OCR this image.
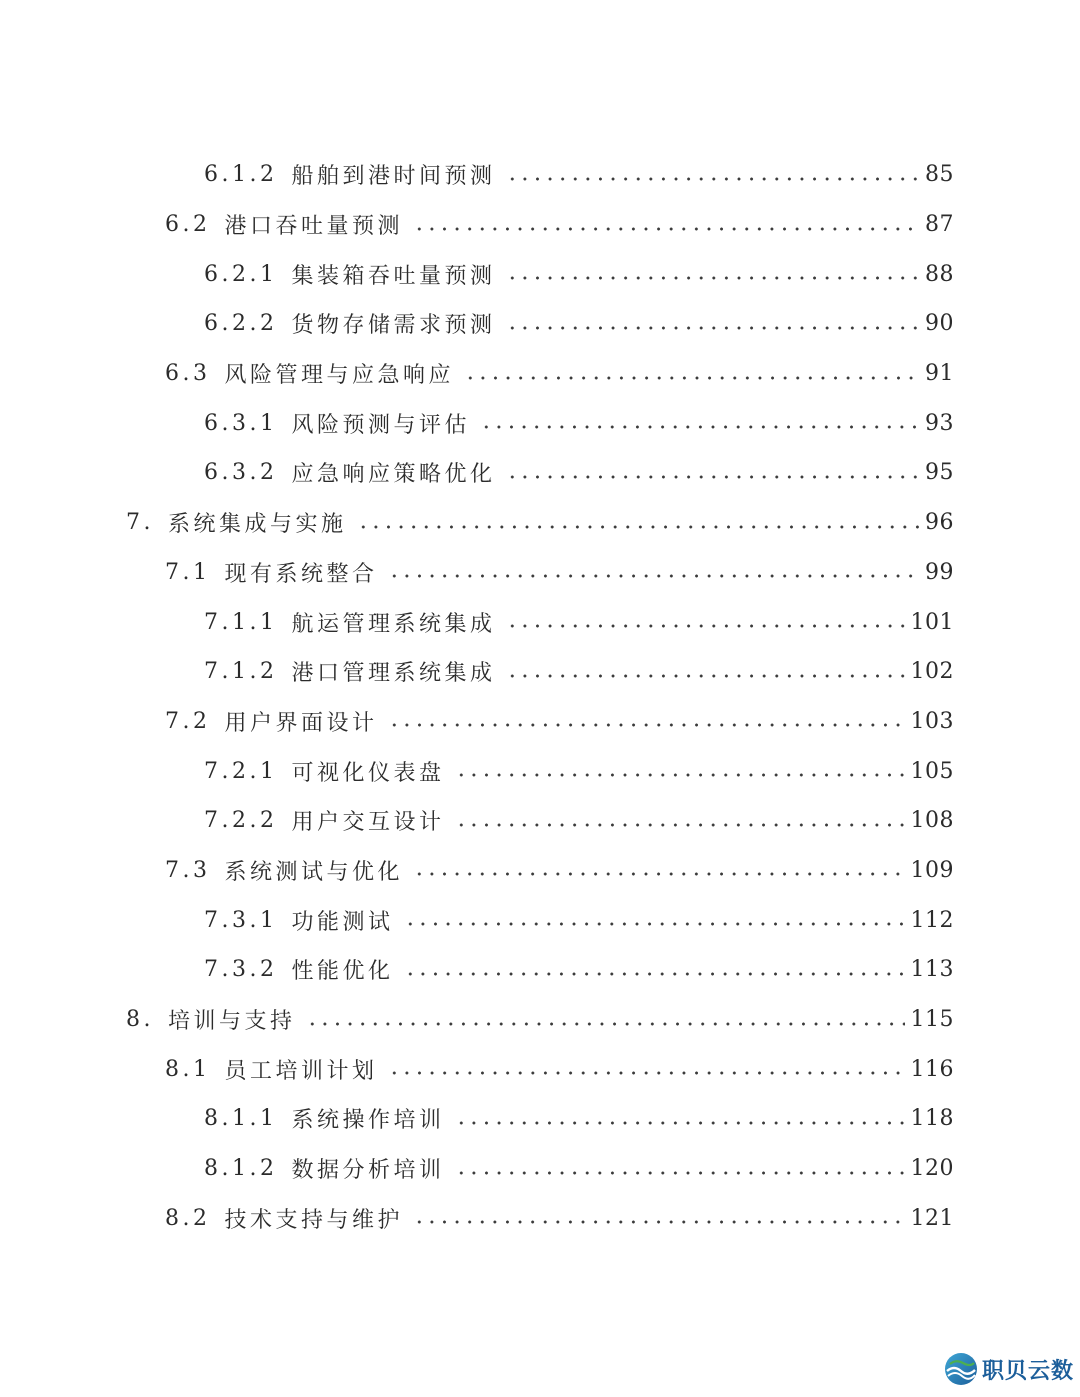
6.1.2 船舶到港时间预测	85
6.2 港口吞吐量预测	87
6.2.1 集装箱吞吐量预测	88
6.2.2 货物存储需求预测	90
6.3 风险管理与应急响应	91
6.3.1 风险预测与评估	93
6.3.2 应急响应策略优化	95
7. 系统集成与实施	96
7.1 现有系统整合	99
7.1.1 航运管理系统集成	101
7.1.2 港口管理系统集成	102
7.2 用户界面设计	103
7.2.1 可视化仪表盘	105
7.2.2 用户交互设计	108
7.3 系统测试与优化	109
7.3.1 功能测试	112
7.3.2 性能优化	113
8. 培训与支持	115
8.1 员工培训计划	116
8.1.1 系统操作培训	118
8.1.2 数据分析培训	120
8.2 技术支持与维护	121
职贝云数
